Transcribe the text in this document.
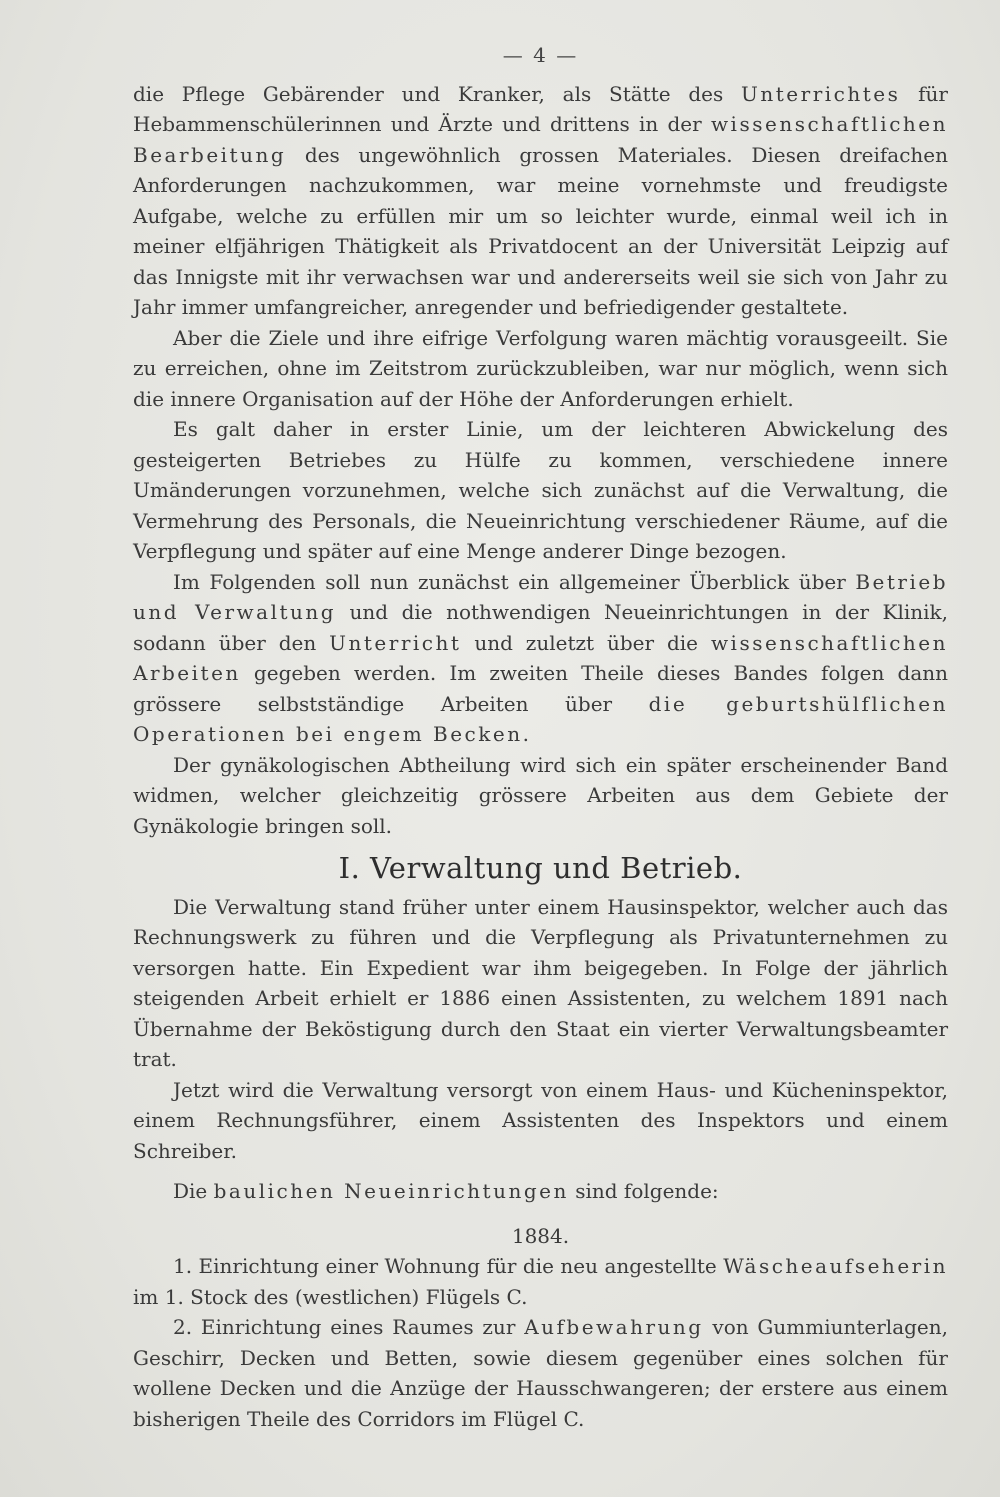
— 4 —

die Pflege Gebärender und Kranker, als Stätte des Unterrichtes für Hebammenschülerinnen und Ärzte und drittens in der wissenschaftlichen Bearbeitung des ungewöhnlich grossen Materiales. Diesen dreifachen Anforderungen nachzukommen, war meine vornehmste und freudigste Aufgabe, welche zu erfüllen mir um so leichter wurde, einmal weil ich in meiner elfjährigen Thätigkeit als Privatdocent an der Universität Leipzig auf das Innigste mit ihr verwachsen war und andererseits weil sie sich von Jahr zu Jahr immer umfangreicher, anregender und befriedigender gestaltete.

Aber die Ziele und ihre eifrige Verfolgung waren mächtig vorausgeeilt. Sie zu erreichen, ohne im Zeitstrom zurückzubleiben, war nur möglich, wenn sich die innere Organisation auf der Höhe der Anforderungen erhielt.

Es galt daher in erster Linie, um der leichteren Abwickelung des gesteigerten Betriebes zu Hülfe zu kommen, verschiedene innere Umänderungen vorzunehmen, welche sich zunächst auf die Verwaltung, die Vermehrung des Personals, die Neueinrichtung verschiedener Räume, auf die Verpflegung und später auf eine Menge anderer Dinge bezogen.

Im Folgenden soll nun zunächst ein allgemeiner Überblick über Betrieb und Verwaltung und die nothwendigen Neueinrichtungen in der Klinik, sodann über den Unterricht und zuletzt über die wissenschaftlichen Arbeiten gegeben werden. Im zweiten Theile dieses Bandes folgen dann grössere selbstständige Arbeiten über die geburtshülflichen Operationen bei engem Becken.

Der gynäkologischen Abtheilung wird sich ein später erscheinender Band widmen, welcher gleichzeitig grössere Arbeiten aus dem Gebiete der Gynäkologie bringen soll.

I. Verwaltung und Betrieb.

Die Verwaltung stand früher unter einem Hausinspektor, welcher auch das Rechnungswerk zu führen und die Verpflegung als Privatunternehmen zu versorgen hatte. Ein Expedient war ihm beigegeben. In Folge der jährlich steigenden Arbeit erhielt er 1886 einen Assistenten, zu welchem 1891 nach Übernahme der Beköstigung durch den Staat ein vierter Verwaltungsbeamter trat.

Jetzt wird die Verwaltung versorgt von einem Haus- und Kücheninspektor, einem Rechnungsführer, einem Assistenten des Inspektors und einem Schreiber.

Die baulichen Neueinrichtungen sind folgende:

1884.

1. Einrichtung einer Wohnung für die neu angestellte Wäscheaufseherin im 1. Stock des (westlichen) Flügels C.

2. Einrichtung eines Raumes zur Aufbewahrung von Gummiunterlagen, Geschirr, Decken und Betten, sowie diesem gegenüber eines solchen für wollene Decken und die Anzüge der Hausschwangeren; der erstere aus einem bisherigen Theile des Corridors im Flügel C.
